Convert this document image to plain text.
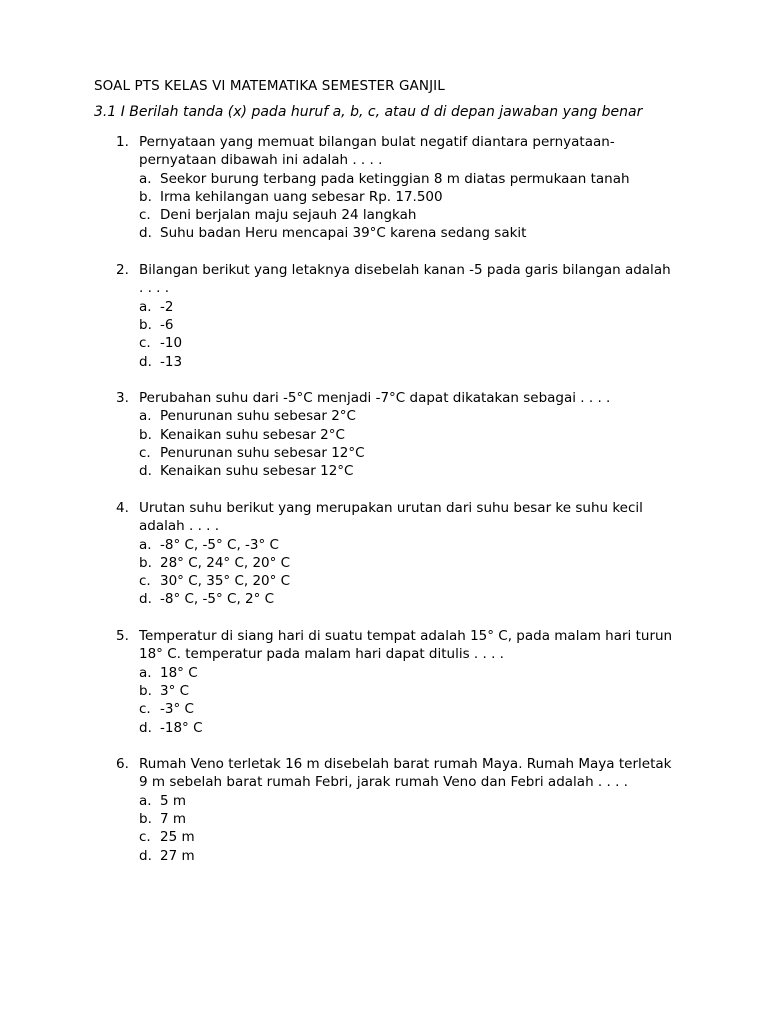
SOAL PTS KELAS VI MATEMATIKA SEMESTER GANJIL
3.1 I Berilah tanda (x) pada huruf a, b, c, atau d di depan jawaban yang benar
1. Pernyataan yang memuat bilangan bulat negatif diantara pernyataan-pernyataan dibawah ini adalah . . . .
a. Seekor burung terbang pada ketinggian 8 m diatas permukaan tanah
b. Irma kehilangan uang sebesar Rp. 17.500
c. Deni berjalan maju sejauh 24 langkah
d. Suhu badan Heru mencapai 39°C karena sedang sakit
2. Bilangan berikut yang letaknya disebelah kanan -5 pada garis bilangan adalah . . . .
a. -2
b. -6
c. -10
d. -13
3. Perubahan suhu dari -5°C menjadi -7°C dapat dikatakan sebagai . . . .
a. Penurunan suhu sebesar 2°C
b. Kenaikan suhu sebesar 2°C
c. Penurunan suhu sebesar 12°C
d. Kenaikan suhu sebesar 12°C
4. Urutan suhu berikut yang merupakan urutan dari suhu besar ke suhu kecil adalah . . . .
a. -8° C, -5° C, -3° C
b. 28° C, 24° C, 20° C
c. 30° C, 35° C, 20° C
d. -8° C, -5° C, 2° C
5. Temperatur di siang hari di suatu tempat adalah 15° C, pada malam hari turun 18° C. temperatur pada malam hari dapat ditulis . . . .
a. 18° C
b. 3° C
c. -3° C
d. -18° C
6. Rumah Veno terletak 16 m disebelah barat rumah Maya. Rumah Maya terletak 9 m sebelah barat rumah Febri, jarak rumah Veno dan Febri adalah . . . .
a. 5 m
b. 7 m
c. 25 m
d. 27 m
